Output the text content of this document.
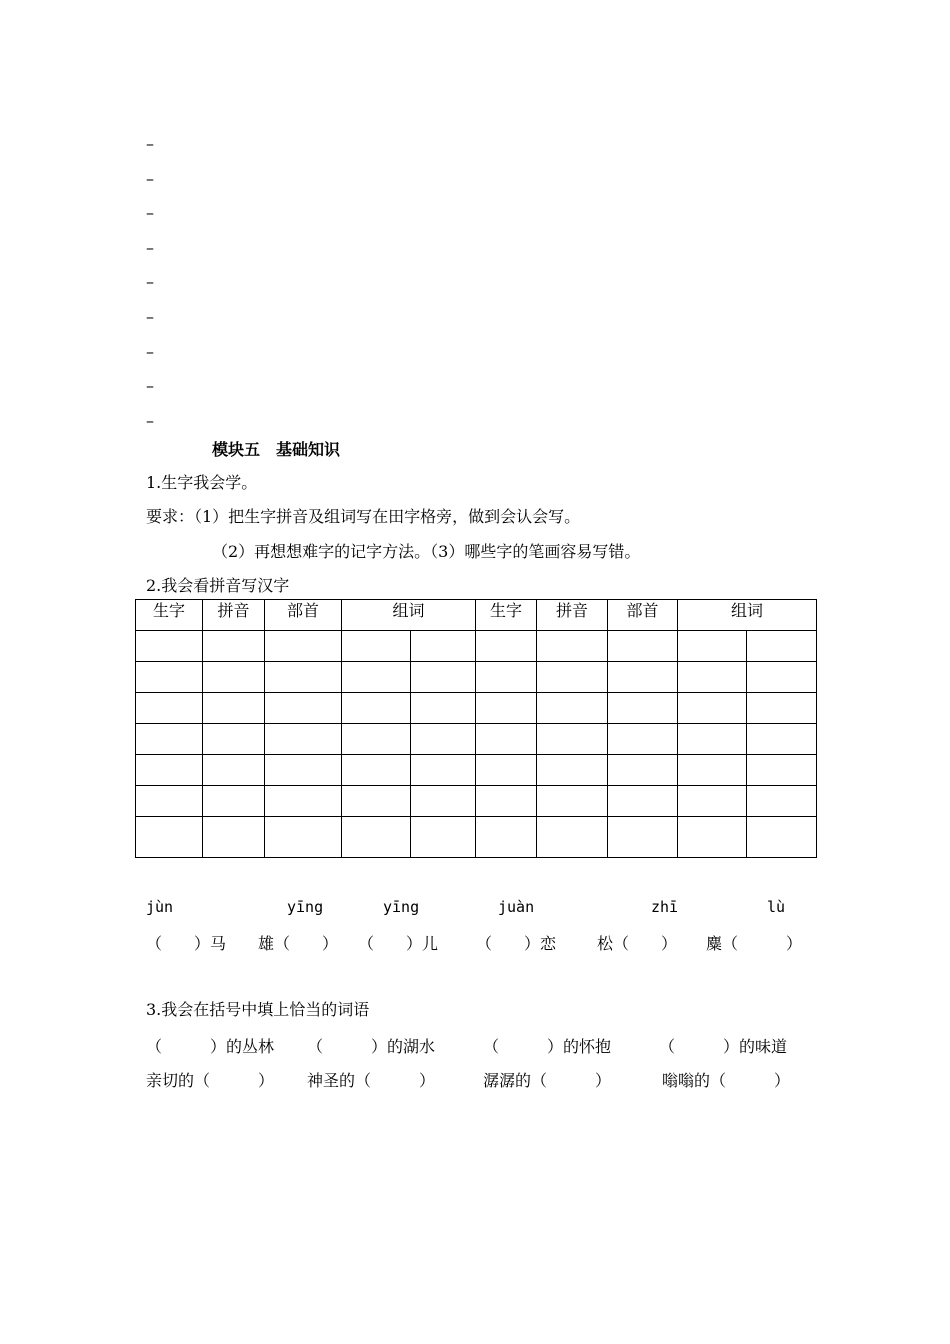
–
–
–
–
–
–
–
–
–
模块五 基础知识
1.生字我会学。
要求：（1）把生字拼音及组词写在田字格旁，做到会认会写。
（2）再想想难字的记字方法。（3）哪些字的笔画容易写错。
2.我会看拼音写汉字
生字	拼音	部首	组词		生字	拼音	部首	组词	

jùn	yīng	yīng	juàn	zhī	lù
（　　）马 雄（　　） （　　）儿 （　　）恋	松（　　） 麋（　　　）
3.我会在括号中填上恰当的词语
（　　　）的丛林 （　　　）的湖水	（　　　）的怀抱	（　　　）的味道
亲切的（　　　） 神圣的（　　　）	潺潺的（　　　）	嗡嗡的（　　　）
